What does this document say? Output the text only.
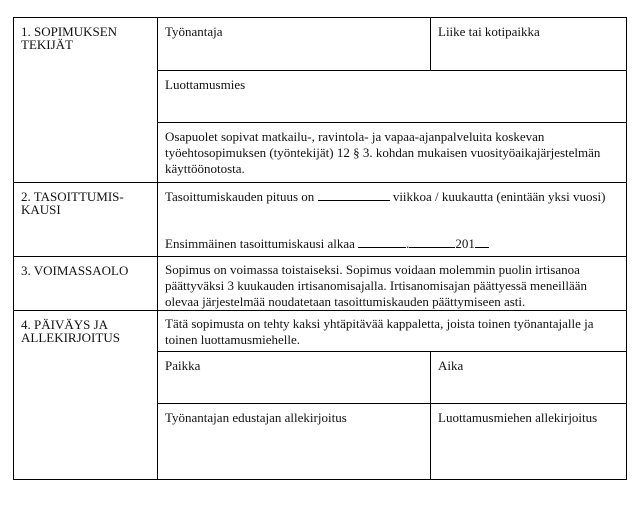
1. SOPIMUKSEN TEKIJÄT
Työnantaja	Liike tai kotipaikka
Luottamusmies

Osapuolet sopivat matkailu-, ravintola- ja vapaa-ajanpalveluita koskevan työehtosopimuksen (työntekijät) 12 § 3. kohdan mukaisen vuosityöaikajärjestelmän käyttöönotosta.

2. TASOITTUMIS-KAUSI

Tasoittumiskauden pituus on	viikkoa / kuukautta (enintään yksi vuosi)

Ensimmäinen tasoittumiskausi alkaa	.	201

3. VOIMASSAOLO	Sopimus on voimassa toistaiseksi. Sopimus voidaan molemmin puolin irtisanoa päättyväksi 3 kuukauden irtisanomisajalla. Irtisanomisajan päättyessä meneillään olevaa järjestelmää noudatetaan tasoittumiskauden päättymiseen asti.

4. PÄIVÄYS JA ALLEKIRJOITUS

Tätä sopimusta on tehty kaksi yhtäpitävää kappaletta, joista toinen työnantajalle ja toinen luottamusmiehelle.

Paikka	Aika
Työnantajan edustajan allekirjoitus	Luottamusmiehen allekirjoitus
